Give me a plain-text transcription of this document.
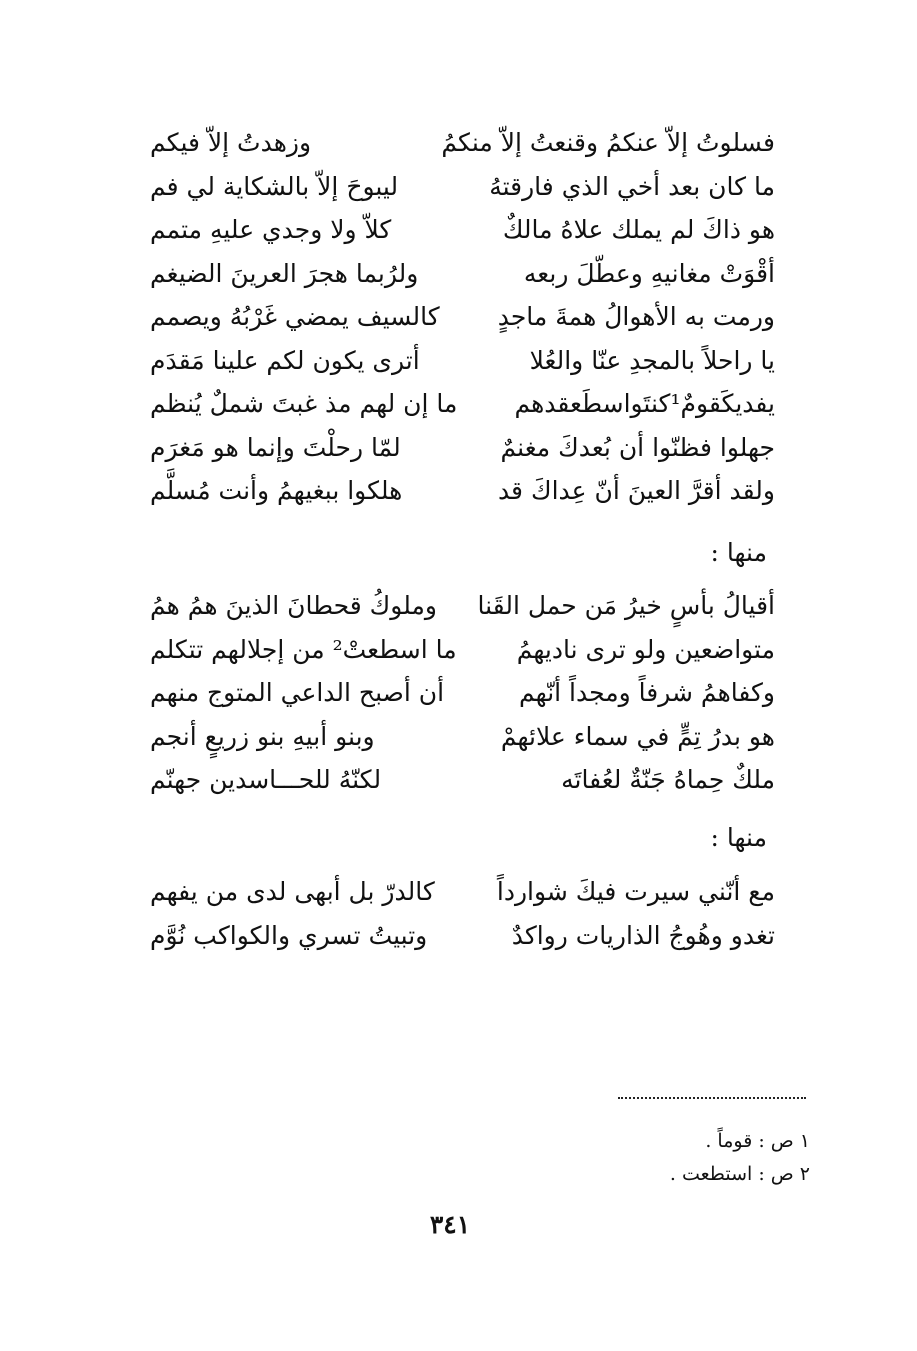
فسلوتُ إلاّ عنكمُ وقنعتُ إلاّ منكمُ
وزهدتُ إلاّ فيكم
ما كان بعد أخي الذي فارقتهُ
ليبوحَ إلاّ بالشكاية لي فم
هو ذاكَ لم يملك علاهُ مالكٌ
كلاّ ولا وجدي عليهِ متمم
أقْوَتْ مغانيهِ وعطّلَ ربعه
ولرُبما هجرَ العرينَ الضيغم
ورمت به الأهوالُ همةَ ماجدٍ
كالسيف يمضي غَرْبُهُ ويصمم
يا راحلاً بالمجدِ عنّا والعُلا
أترى يكون لكم علينا مَقدَم
يفديكَقومٌ¹كنتَواسطَعقدهم
ما إن لهم مذ غبتَ شملٌ يُنظم
جهلوا فظنّوا أن بُعدكَ مغنمٌ
لمّا رحلْتَ وإنما هو مَغرَم
ولقد أقرَّ العينَ أنّ عِداكَ قد
هلكوا ببغيهمُ وأنت مُسلَّم
منها :
أقيالُ بأسٍ خيرُ مَن حمل القَنا
وملوكُ قحطانَ الذينَ همُ همُ
متواضعين ولو ترى ناديهمُ
ما اسطعتْ² من إجلالهم تتكلم
وكفاهمُ شرفاً ومجداً أنّهم
أن أصبح الداعي المتوج منهم
هو بدرُ تِمٍّ في سماء علائهمْ
وبنو أبيهِ بنو زريعٍ أنجم
ملكٌ حِماهُ جَنّةٌ لعُفاتَه
لكنّهُ للحـــاسدين جهنّم
منها :
مع أنّني سيرت فيكَ شوارداً
كالدرّ بل أبهى لدى من يفهم
تغدو وهُوجُ الذاريات رواكدٌ
وتبيتُ تسري والكواكب نُوَّم
١ ص : قوماً .
٢ ص : استطعت .
٣٤١
